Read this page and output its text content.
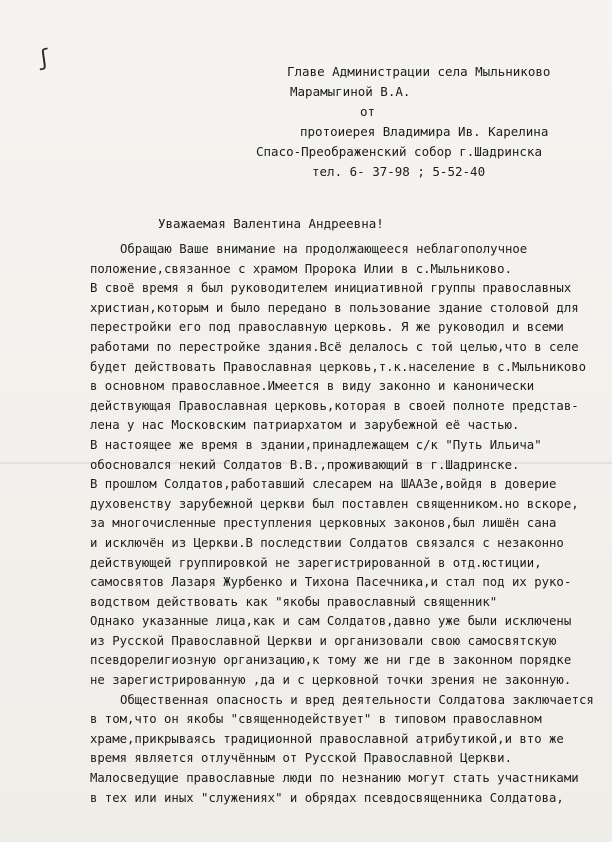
ʃ	Главе Администрации села Мыльниково
Марамыгиной В.А.
от
протоиерея Владимира Ив. Карелина
Спасо-Преображенский собор г.Шадринска
тел. 6- 37-98 ; 5-52-40
Уважаемая Валентина Андреевна!
Обращаю Ваше внимание на продолжающееся неблагополучное
положение,связанное с храмом Пророка Илии в с.Мыльниково.
В своё время я был руководителем инициативной группы православных
христиан,которым и было передано в пользование здание столовой для
перестройки его под православную церковь. Я же руководил и всеми
работами по перестройке здания.Всё делалось с той целью,что в селе
будет действовать Православная церковь,т.к.население в с.Мыльниково
в основном православное.Имеется в виду законно и канонически
действующая Православная церковь,которая в своей полноте представ-
лена у нас Московским патриархатом и зарубежной её частью.
В настоящее же время в здании,принадлежащем с/к "Путь Ильича"
обосновался некий Солдатов В.В.,проживающий в г.Шадринске.
В прошлом Солдатов,работавший слесарем на ШААЗе,войдя в доверие
духовенству зарубежной церкви был поставлен священником.но вскоре,
за многочисленные преступления церковных законов,был лишён сана
и исключён из Церкви.В последствии Солдатов связался с незаконно
действующей группировкой не зарегистрированной в отд.юстиции,
самосвятов Лазаря Журбенко и Тихона Пасечника,и стал под их руко-
водством действовать как "якобы православный священник"
Однако указанные лица,как и сам Солдатов,давно уже были исключены
из Русской Православной Церкви и организовали свою самосвятскую
псевдорелигиозную организацию,к тому же ни где в законном порядке
не зарегистрированную ,да и с церковной точки зрения не законную.
Общественная опасность и вред деятельности Солдатова заключается
в том,что он якобы "священнодействует" в типовом православном
храме,прикрываясь традиционной православной атрибутикой,и вто же
время является отлучённым от Русской Православной Церкви.
Малосведущие православные люди по незнанию могут стать участниками
в тех или иных "служениях" и обрядах псевдосвященника Солдатова,
